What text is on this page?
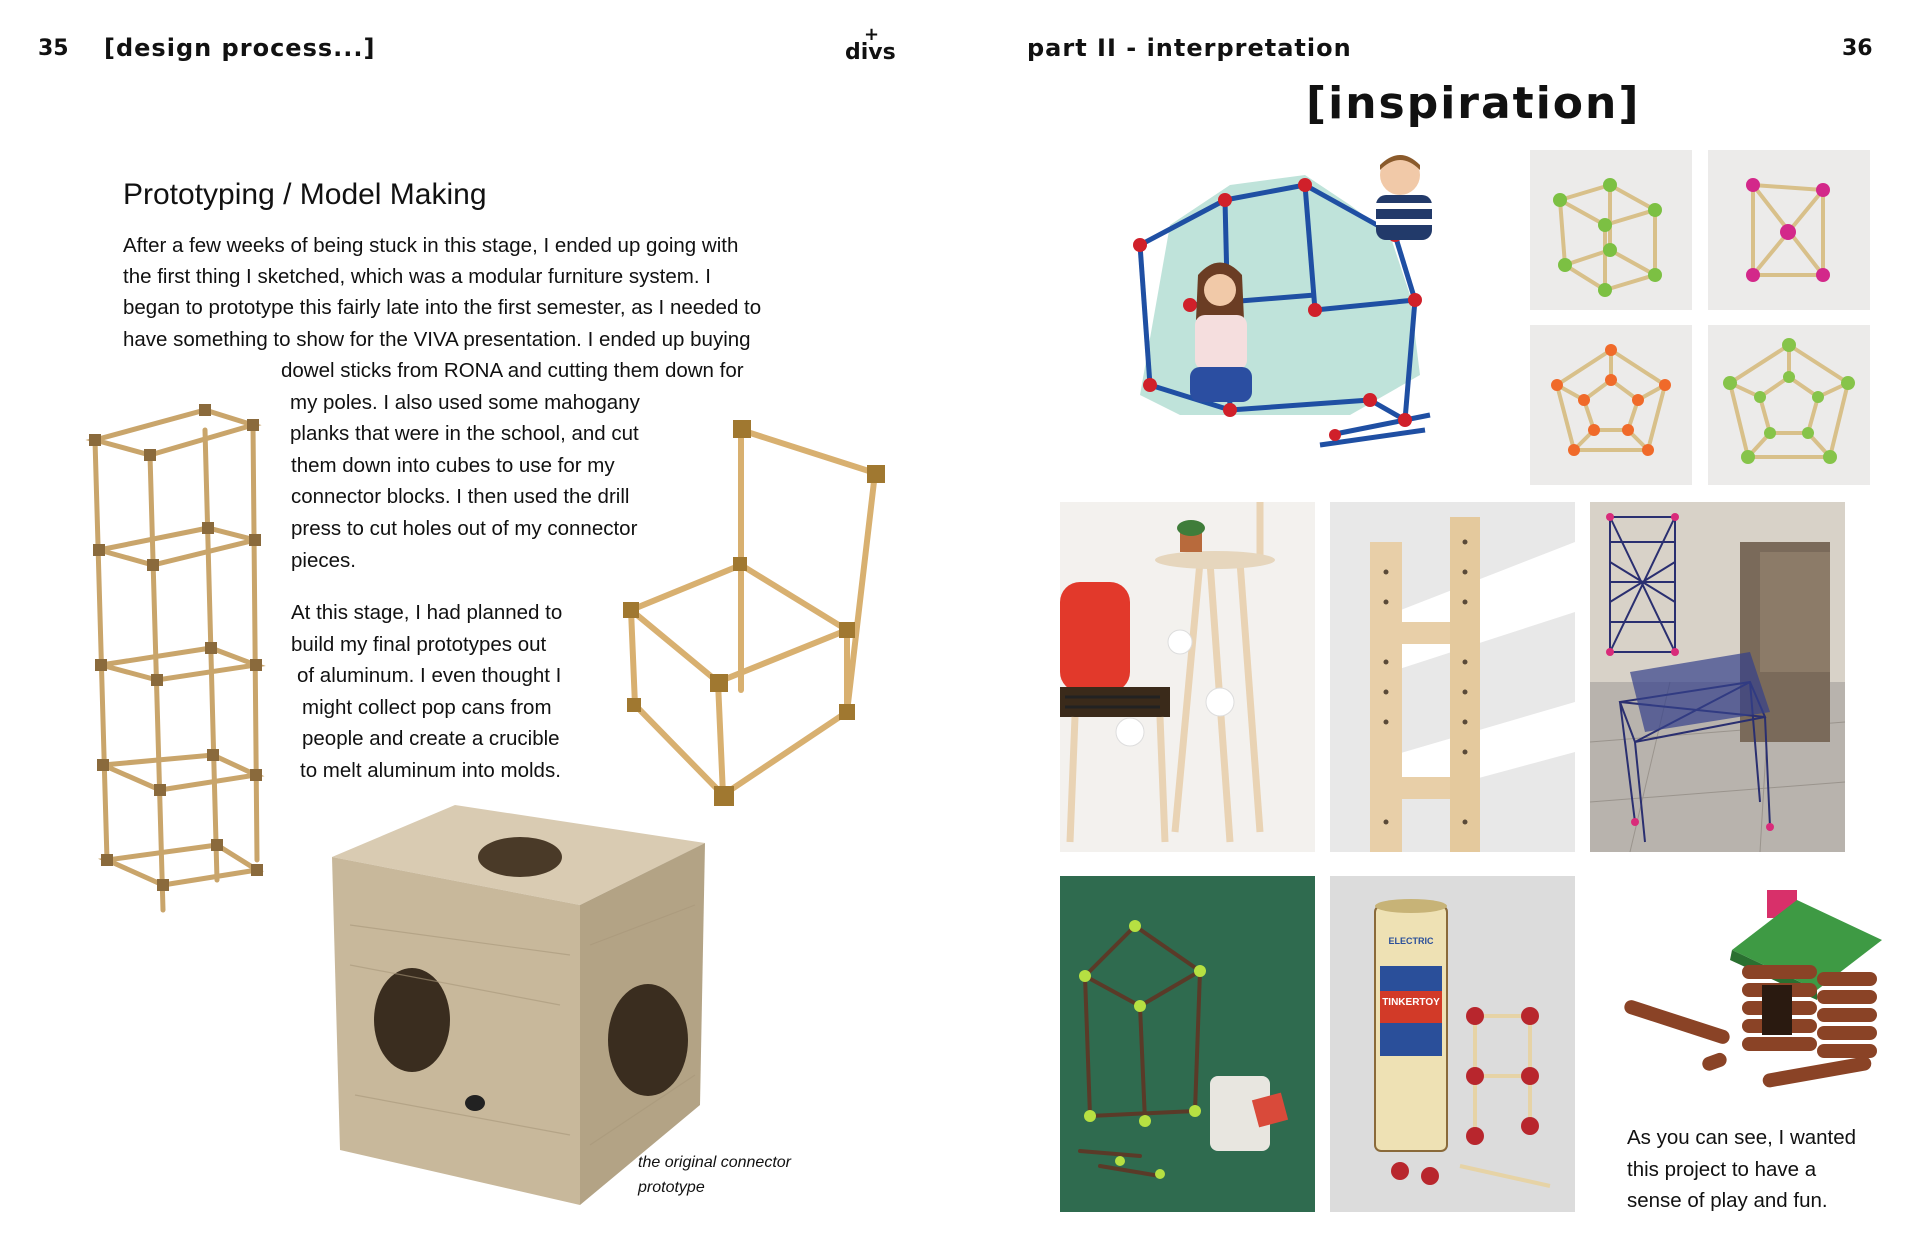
35 [design process...]	+
divs
Prototyping / Model Making
After a few weeks of being stuck in this stage, I ended up going with
the first thing I sketched, which was a modular furniture system. I
began to prototype this fairly late into the first semester, as I needed to
have something to show for the VIVA presentation. I ended up buying
dowel sticks from RONA and cutting them down for
my poles. I also used some mahogany
planks that were in the school, and cut
them down into cubes to use for my
connector blocks. I then used the drill
press to cut holes out of my connector
pieces.
At this stage, I had planned to
build my final prototypes out
of aluminum. I even thought I
might collect pop cans from
people and create a crucible
to melt aluminum into molds.
the original connector
prototype
part II - interpretation	36
[inspiration]
TINKERTOY
ELECTRIC
As you can see, I wanted
this project to have a
sense of play and fun.
